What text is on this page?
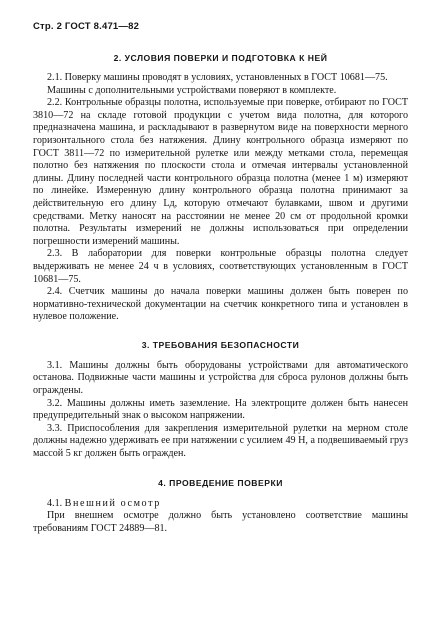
Стр. 2 ГОСТ 8.471—82
2. УСЛОВИЯ ПОВЕРКИ И ПОДГОТОВКА К НЕЙ

2.1. Поверку машины проводят в условиях, установленных в ГОСТ 10681—75.

Машины с дополнительными устройствами поверяют в комплекте.

2.2. Контрольные образцы полотна, используемые при поверке, отбирают по ГОСТ 3810—72 на складе готовой продукции с учетом вида полотна, для которого предназначена машина, и раскладывают в развернутом виде на поверхности мерного горизонтального стола без натяжения. Длину контрольного образца измеряют по ГОСТ 3811—72 по измерительной рулетке или между метками стола, перемещая полотно без натяжения по плоскости стола и отмечая интервалы установленной длины. Длину последней части контрольного образца полотна (менее 1 м) измеряют по линейке. Измеренную длину контрольного образца полотна принимают за действительную его длину Lд, которую отмечают булавками, швом и другими средствами. Метку наносят на расстоянии не менее 20 см от продольной кромки полотна. Результаты измерений не должны использоваться при определении погрешности измерений машины.

2.3. В лаборатории для поверки контрольные образцы полотна следует выдерживать не менее 24 ч в условиях, соответствующих установленным в ГОСТ 10681—75.

2.4. Счетчик машины до начала поверки машины должен быть поверен по нормативно-технической документации на счетчик конкретного типа и установлен в нулевое положение.

3. ТРЕБОВАНИЯ БЕЗОПАСНОСТИ

3.1. Машины должны быть оборудованы устройствами для автоматического останова. Подвижные части машины и устройства для сброса рулонов должны быть ограждены.

3.2. Машины должны иметь заземление. На электрощите должен быть нанесен предупредительный знак о высоком напряжении.

3.3. Приспособления для закрепления измерительной рулетки на мерном столе должны надежно удерживать ее при натяжении с усилием 49 Н, а подвешиваемый груз массой 5 кг должен быть огражден.

4. ПРОВЕДЕНИЕ ПОВЕРКИ

4.1. Внешний осмотр

При внешнем осмотре должно быть установлено соответствие машины требованиям ГОСТ 24889—81.
